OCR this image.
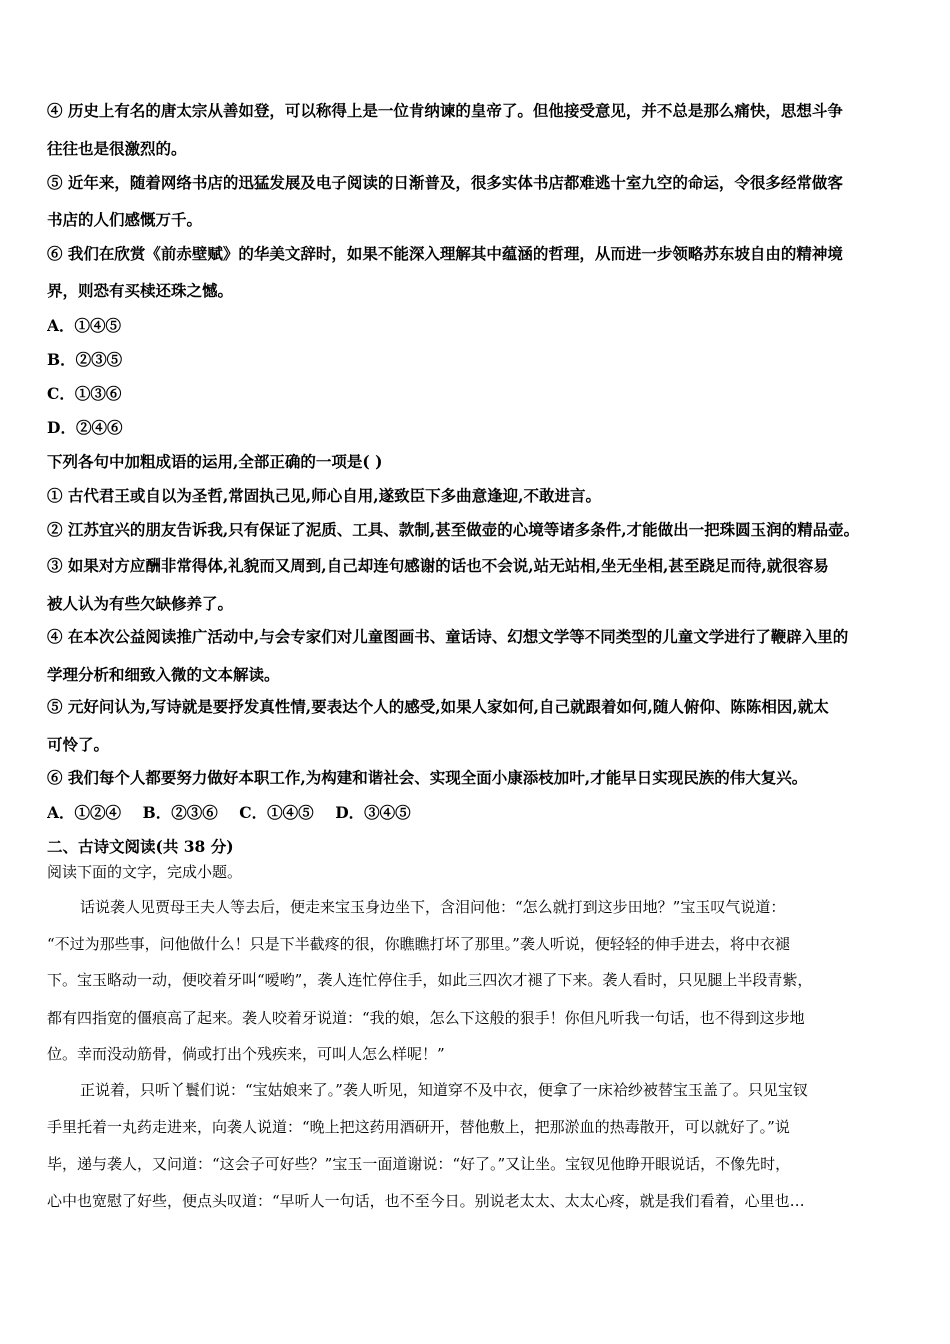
④ 历史上有名的唐太宗从善如登，可以称得上是一位肯纳谏的皇帝了。但他接受意见，并不总是那么痛快，思想斗争
往往也是很激烈的。
⑤ 近年来，随着网络书店的迅猛发展及电子阅读的日渐普及，很多实体书店都难逃十室九空的命运，令很多经常做客
书店的人们感慨万千。
⑥ 我们在欣赏《前赤壁赋》的华美文辞时，如果不能深入理解其中蕴涵的哲理，从而进一步领略苏东坡自由的精神境
界，则恐有买椟还珠之憾。
A．①④⑤
B．②③⑤
C．①③⑥
D．②④⑥
下列各句中加粗成语的运用,全部正确的一项是( )
① 古代君王或自以为圣哲,常固执己见,师心自用,遂致臣下多曲意逢迎,不敢进言。
② 江苏宜兴的朋友告诉我,只有保证了泥质、工具、款制,甚至做壶的心境等诸多条件,才能做出一把珠圆玉润的精品壶。
③ 如果对方应酬非常得体,礼貌而又周到,自己却连句感谢的话也不会说,站无站相,坐无坐相,甚至跷足而待,就很容易
被人认为有些欠缺修养了。
④ 在本次公益阅读推广活动中,与会专家们对儿童图画书、童话诗、幻想文学等不同类型的儿童文学进行了鞭辟入里的
学理分析和细致入微的文本解读。
⑤ 元好问认为,写诗就是要抒发真性情,要表达个人的感受,如果人家如何,自己就跟着如何,随人俯仰、陈陈相因,就太
可怜了。
⑥ 我们每个人都要努力做好本职工作,为构建和谐社会、实现全面小康添枝加叶,才能早日实现民族的伟大复兴。
A．①②④    B．②③⑥    C．①④⑤    D．③④⑤
二、古诗文阅读(共 38 分)
阅读下面的文字，完成小题。
话说袭人见贾母王夫人等去后，便走来宝玉身边坐下，含泪问他：“怎么就打到这步田地？”宝玉叹气说道：
“不过为那些事，问他做什么！只是下半截疼的很，你瞧瞧打坏了那里。”袭人听说，便轻轻的伸手进去，将中衣褪
下。宝玉略动一动，便咬着牙叫“嗳哟”，袭人连忙停住手，如此三四次才褪了下来。袭人看时，只见腿上半段青紫，
都有四指宽的僵痕高了起来。袭人咬着牙说道：“我的娘，怎么下这般的狠手！你但凡听我一句话，也不得到这步地
位。幸而没动筋骨，倘或打出个残疾来，可叫人怎么样呢！”
正说着，只听丫鬟们说：“宝姑娘来了。”袭人听见，知道穿不及中衣，便拿了一床袷纱被替宝玉盖了。只见宝钗
手里托着一丸药走进来，向袭人说道：“晚上把这药用酒研开，替他敷上，把那淤血的热毒散开，可以就好了。”说
毕，递与袭人，又问道：“这会子可好些？”宝玉一面道谢说：“好了。”又让坐。宝钗见他睁开眼说话，不像先时，
心中也宽慰了好些，便点头叹道：“早听人一句话，也不至今日。别说老太太、太太心疼，就是我们看着，心里也…
